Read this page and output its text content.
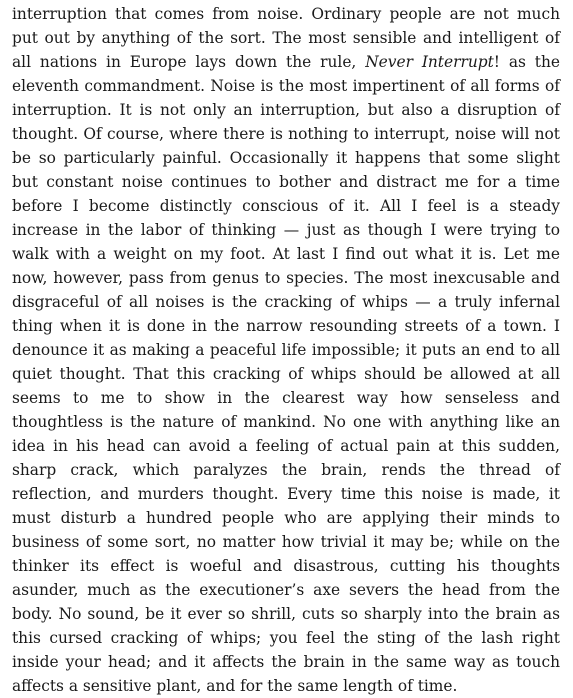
interruption that comes from noise. Ordinary people are not much put out by anything of the sort. The most sensible and intelligent of all nations in Europe lays down the rule, Never Interrupt! as the eleventh commandment. Noise is the most impertinent of all forms of interruption. It is not only an interruption, but also a disruption of thought. Of course, where there is nothing to interrupt, noise will not be so particularly painful. Occasionally it happens that some slight but constant noise continues to bother and distract me for a time before I become distinctly conscious of it. All I feel is a steady increase in the labor of thinking — just as though I were trying to walk with a weight on my foot. At last I find out what it is. Let me now, however, pass from genus to species. The most inexcusable and disgraceful of all noises is the cracking of whips — a truly infernal thing when it is done in the narrow resounding streets of a town. I denounce it as making a peaceful life impossible; it puts an end to all quiet thought. That this cracking of whips should be allowed at all seems to me to show in the clearest way how senseless and thoughtless is the nature of mankind. No one with anything like an idea in his head can avoid a feeling of actual pain at this sudden, sharp crack, which paralyzes the brain, rends the thread of reflection, and murders thought. Every time this noise is made, it must disturb a hundred people who are applying their minds to business of some sort, no matter how trivial it may be; while on the thinker its effect is woeful and disastrous, cutting his thoughts asunder, much as the executioner’s axe severs the head from the body. No sound, be it ever so shrill, cuts so sharply into the brain as this cursed cracking of whips; you feel the sting of the lash right inside your head; and it affects the brain in the same way as touch affects a sensitive plant, and for the same length of time.
